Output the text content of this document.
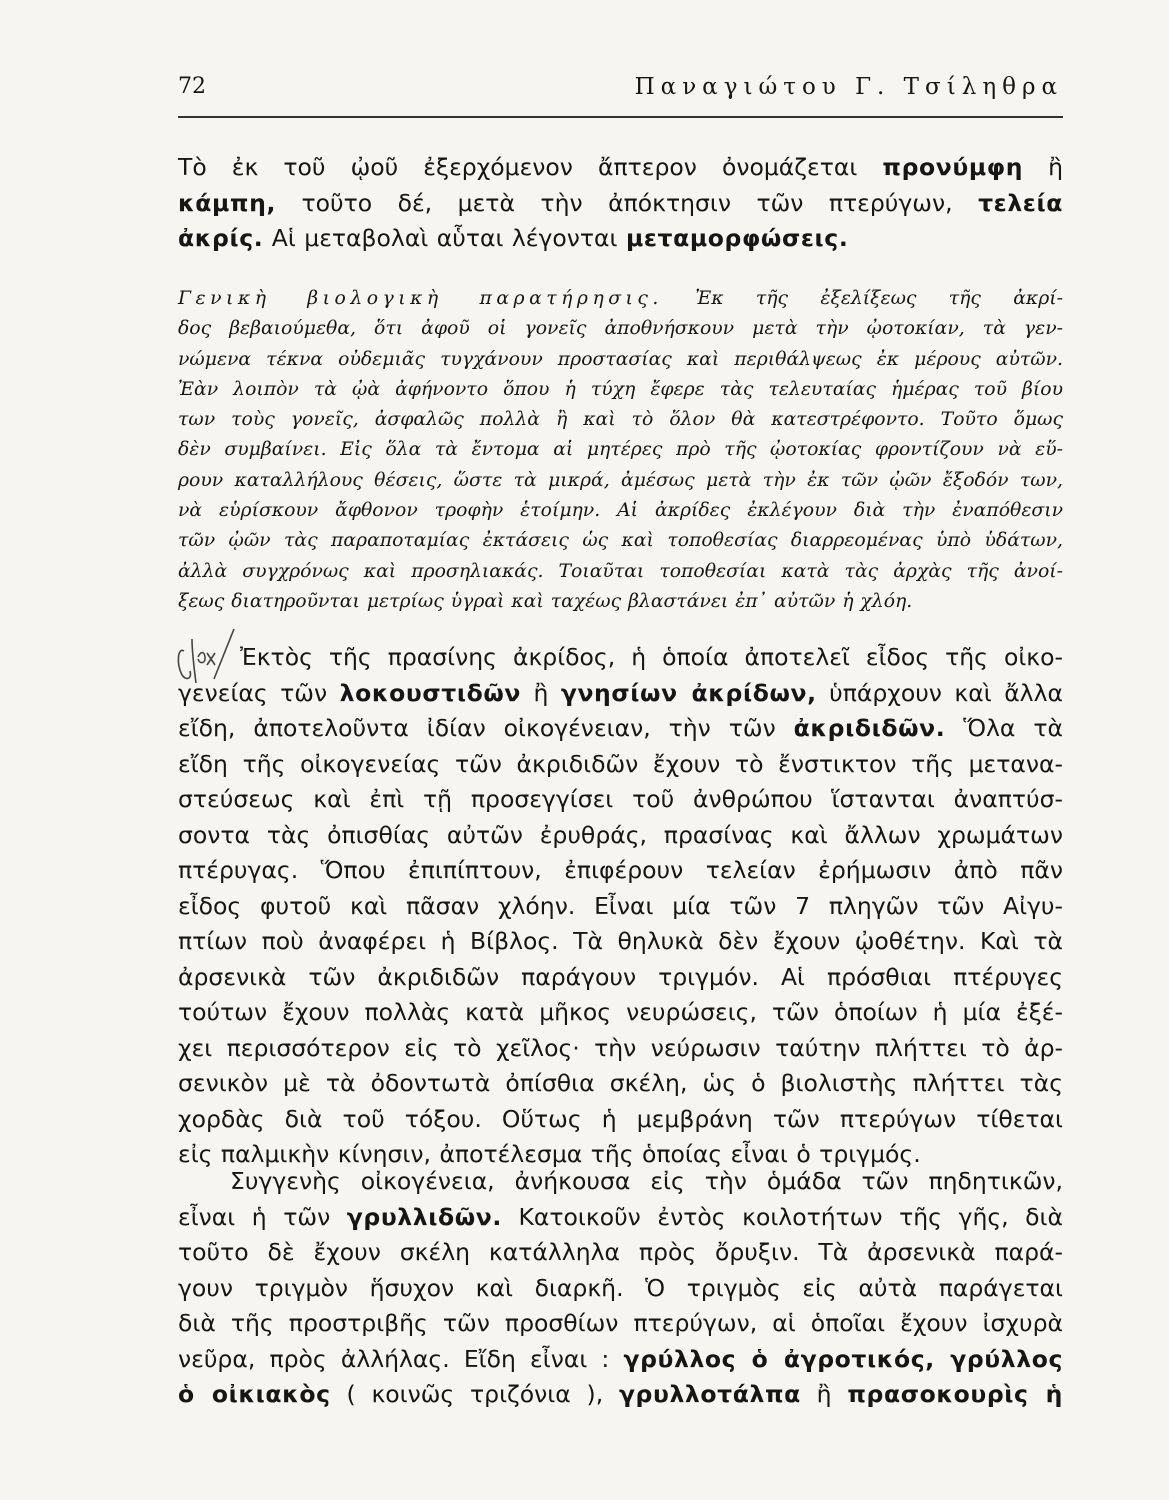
72	Παναγιώτου Γ. Τσίληθρα
Τὸ ἐκ τοῦ ᾠοῦ ἐξερχόμενον ἄπτερον ὀνομάζεται προνύμφη ἢ
κάμπη, τοῦτο δέ, μετὰ τὴν ἀπόκτησιν τῶν πτερύγων, τελεία
ἀκρίς. Αἱ μεταβολαὶ αὗται λέγονται μεταμορφώσεις.
Γενικὴ βιολογικὴ παρατήρησις. Ἐκ τῆς ἐξελίξεως τῆς ἀκρί-
δος βεβαιούμεθα, ὅτι ἀφοῦ οἱ γονεῖς ἀποθνήσκουν μετὰ τὴν ᾠοτοκίαν, τὰ γεν-
νώμενα τέκνα οὐδεμιᾶς τυγχάνουν προστασίας καὶ περιθάλψεως ἐκ μέρους αὐτῶν.
Ἐὰν λοιπὸν τὰ ᾠὰ ἀφήνοντο ὅπου ἡ τύχη ἔφερε τὰς τελευταίας ἡμέρας τοῦ βίου
των τοὺς γονεῖς, ἀσφαλῶς πολλὰ ἢ καὶ τὸ ὅλον θὰ κατεστρέφοντο. Τοῦτο ὅμως
δὲν συμβαίνει. Εἰς ὅλα τὰ ἔντομα αἱ μητέρες πρὸ τῆς ᾠοτοκίας φροντίζουν νὰ εὕ-
ρουν καταλλήλους θέσεις, ὥστε τὰ μικρά, ἀμέσως μετὰ τὴν ἐκ τῶν ᾠῶν ἔξοδόν των,
νὰ εὑρίσκουν ἄφθονον τροφὴν ἑτοίμην. Αἱ ἀκρίδες ἐκλέγουν διὰ τὴν ἐναπόθεσιν
τῶν ᾠῶν τὰς παραποταμίας ἐκτάσεις ὡς καὶ τοποθεσίας διαρρεομένας ὑπὸ ὑδάτων,
ἀλλὰ συγχρόνως καὶ προσηλιακάς. Τοιαῦται τοποθεσίαι κατὰ τὰς ἀρχὰς τῆς ἀνοί-
ξεως διατηροῦνται μετρίως ὑγραὶ καὶ ταχέως βλαστάνει ἐπ᾽ αὐτῶν ἡ χλόη.
οχ/
Ἐκτὸς τῆς πρασίνης ἀκρίδος, ἡ ὁποία ἀποτελεῖ εἶδος τῆς οἰκο-
γενείας τῶν λοκουστιδῶν ἢ γνησίων ἀκρίδων, ὑπάρχουν καὶ ἄλλα
εἴδη, ἀποτελοῦντα ἰδίαν οἰκογένειαν, τὴν τῶν ἀκριδιδῶν. Ὅλα τὰ
εἴδη τῆς οἰκογενείας τῶν ἀκριδιδῶν ἔχουν τὸ ἔνστικτον τῆς μετανα-
στεύσεως καὶ ἐπὶ τῇ προσεγγίσει τοῦ ἀνθρώπου ἵστανται ἀναπτύσ-
σοντα τὰς ὀπισθίας αὐτῶν ἐρυθράς, πρασίνας καὶ ἄλλων χρωμάτων
πτέρυγας. Ὅπου ἐπιπίπτουν, ἐπιφέρουν τελείαν ἐρήμωσιν ἀπὸ πᾶν
εἶδος φυτοῦ καὶ πᾶσαν χλόην. Εἶναι μία τῶν 7 πληγῶν τῶν Αἰγυ-
πτίων ποὺ ἀναφέρει ἡ Βίβλος. Τὰ θηλυκὰ δὲν ἔχουν ᾠοθέτην. Καὶ τὰ
ἀρσενικὰ τῶν ἀκριδιδῶν παράγουν τριγμόν. Αἱ πρόσθιαι πτέρυγες
τούτων ἔχουν πολλὰς κατὰ μῆκος νευρώσεις, τῶν ὁποίων ἡ μία ἐξέ-
χει περισσότερον εἰς τὸ χεῖλος· τὴν νεύρωσιν ταύτην πλήττει τὸ ἀρ-
σενικὸν μὲ τὰ ὀδοντωτὰ ὀπίσθια σκέλη, ὡς ὁ βιολιστὴς πλήττει τὰς
χορδὰς διὰ τοῦ τόξου. Οὕτως ἡ μεμβράνη τῶν πτερύγων τίθεται
εἰς παλμικὴν κίνησιν, ἀποτέλεσμα τῆς ὁποίας εἶναι ὁ τριγμός.
Συγγενὴς οἰκογένεια, ἀνήκουσα εἰς τὴν ὁμάδα τῶν πηδητικῶν,
εἶναι ἡ τῶν γρυλλιδῶν. Κατοικοῦν ἐντὸς κοιλοτήτων τῆς γῆς, διὰ
τοῦτο δὲ ἔχουν σκέλη κατάλληλα πρὸς ὄρυξιν. Τὰ ἀρσενικὰ παρά-
γουν τριγμὸν ἥσυχον καὶ διαρκῆ. Ὁ τριγμὸς εἰς αὐτὰ παράγεται
διὰ τῆς προστριβῆς τῶν προσθίων πτερύγων, αἱ ὁποῖαι ἔχουν ἰσχυρὰ
νεῦρα, πρὸς ἀλλήλας. Εἴδη εἶναι : γρύλλος ὁ ἀγροτικός, γρύλλος
ὁ οἰκιακὸς ( κοινῶς τριζόνια ), γρυλλοτάλπα ἢ πρασοκουρὶς ἡ
